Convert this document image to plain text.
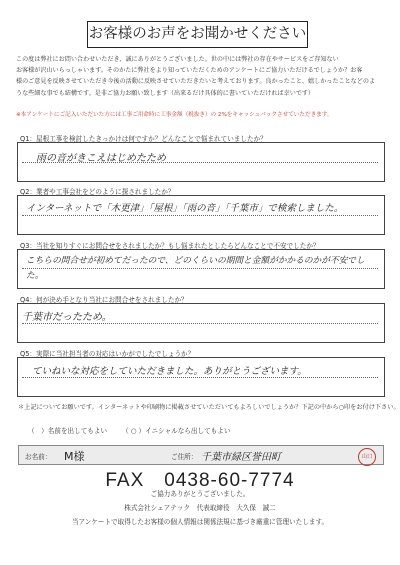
お客様のお声をお聞かせください
この度は弊社にお問い合わせいただき、誠にありがとうございました。世の中には弊社の存在やサービスをご存知ない
お客様が沢山いらっしゃいます。そのかたに弊社をより知っていただくためのアンケートにご協力いただけるでしょうか？お客
様のご意見を反映させていただき今後の活動に反映させていただきたいと考えております。良かったこと、嬉しかったことなどのよ
うな些細な事でも結構です。是非ご協力お願い致します（出来るだけ具体的に書いていただければ幸いです）
※本アンケートにご記入いただいた方には工事ご用命時に工事金額（税抜き）の 2%をキャッシュバックさせていただきます。
Q1：屋根工事を検討したきっかけは何ですか？どんなことで悩まれていましたか？
雨の音がきこえはじめたため
Q2：業者や工事会社をどのように探されましたか？
インターネットで「木更津」「屋根」「雨の音」「千葉市」で検索しました。
Q3：当社を知りすぐにお問合せをされましたか？もし悩まれたとしたらどんなことで不安でしたか？
こちらの問合せが初めてだったので、どのくらいの期間と金額がかかるのかが不安でした。
Q4：何が決め手となり当社にお問合せをされましたか？
千葉市だったため。
Q5：実際に当社担当者の対応はいかがでしたでしょうか？
ていねいな対応をしていただきました。ありがとうございます。
＊上記についてお願いです。インターネットや印刷物に掲載させていただいてもよろしいでしょうか？下記の中から○印をお付け下さい。
（　）名前を出してもよい （ ○ ）イニシャルなら出してもよい
お名前： M様	ご住所： 千葉市緑区誉田町	山口
FAX　0438-60-7774
ご協力ありがとうございました。
株式会社シェアテック　代表取締役　大久保　誠二
当アンケートで取得したお客様の個人情報は関係法規に基づき厳重に管理いたします。
